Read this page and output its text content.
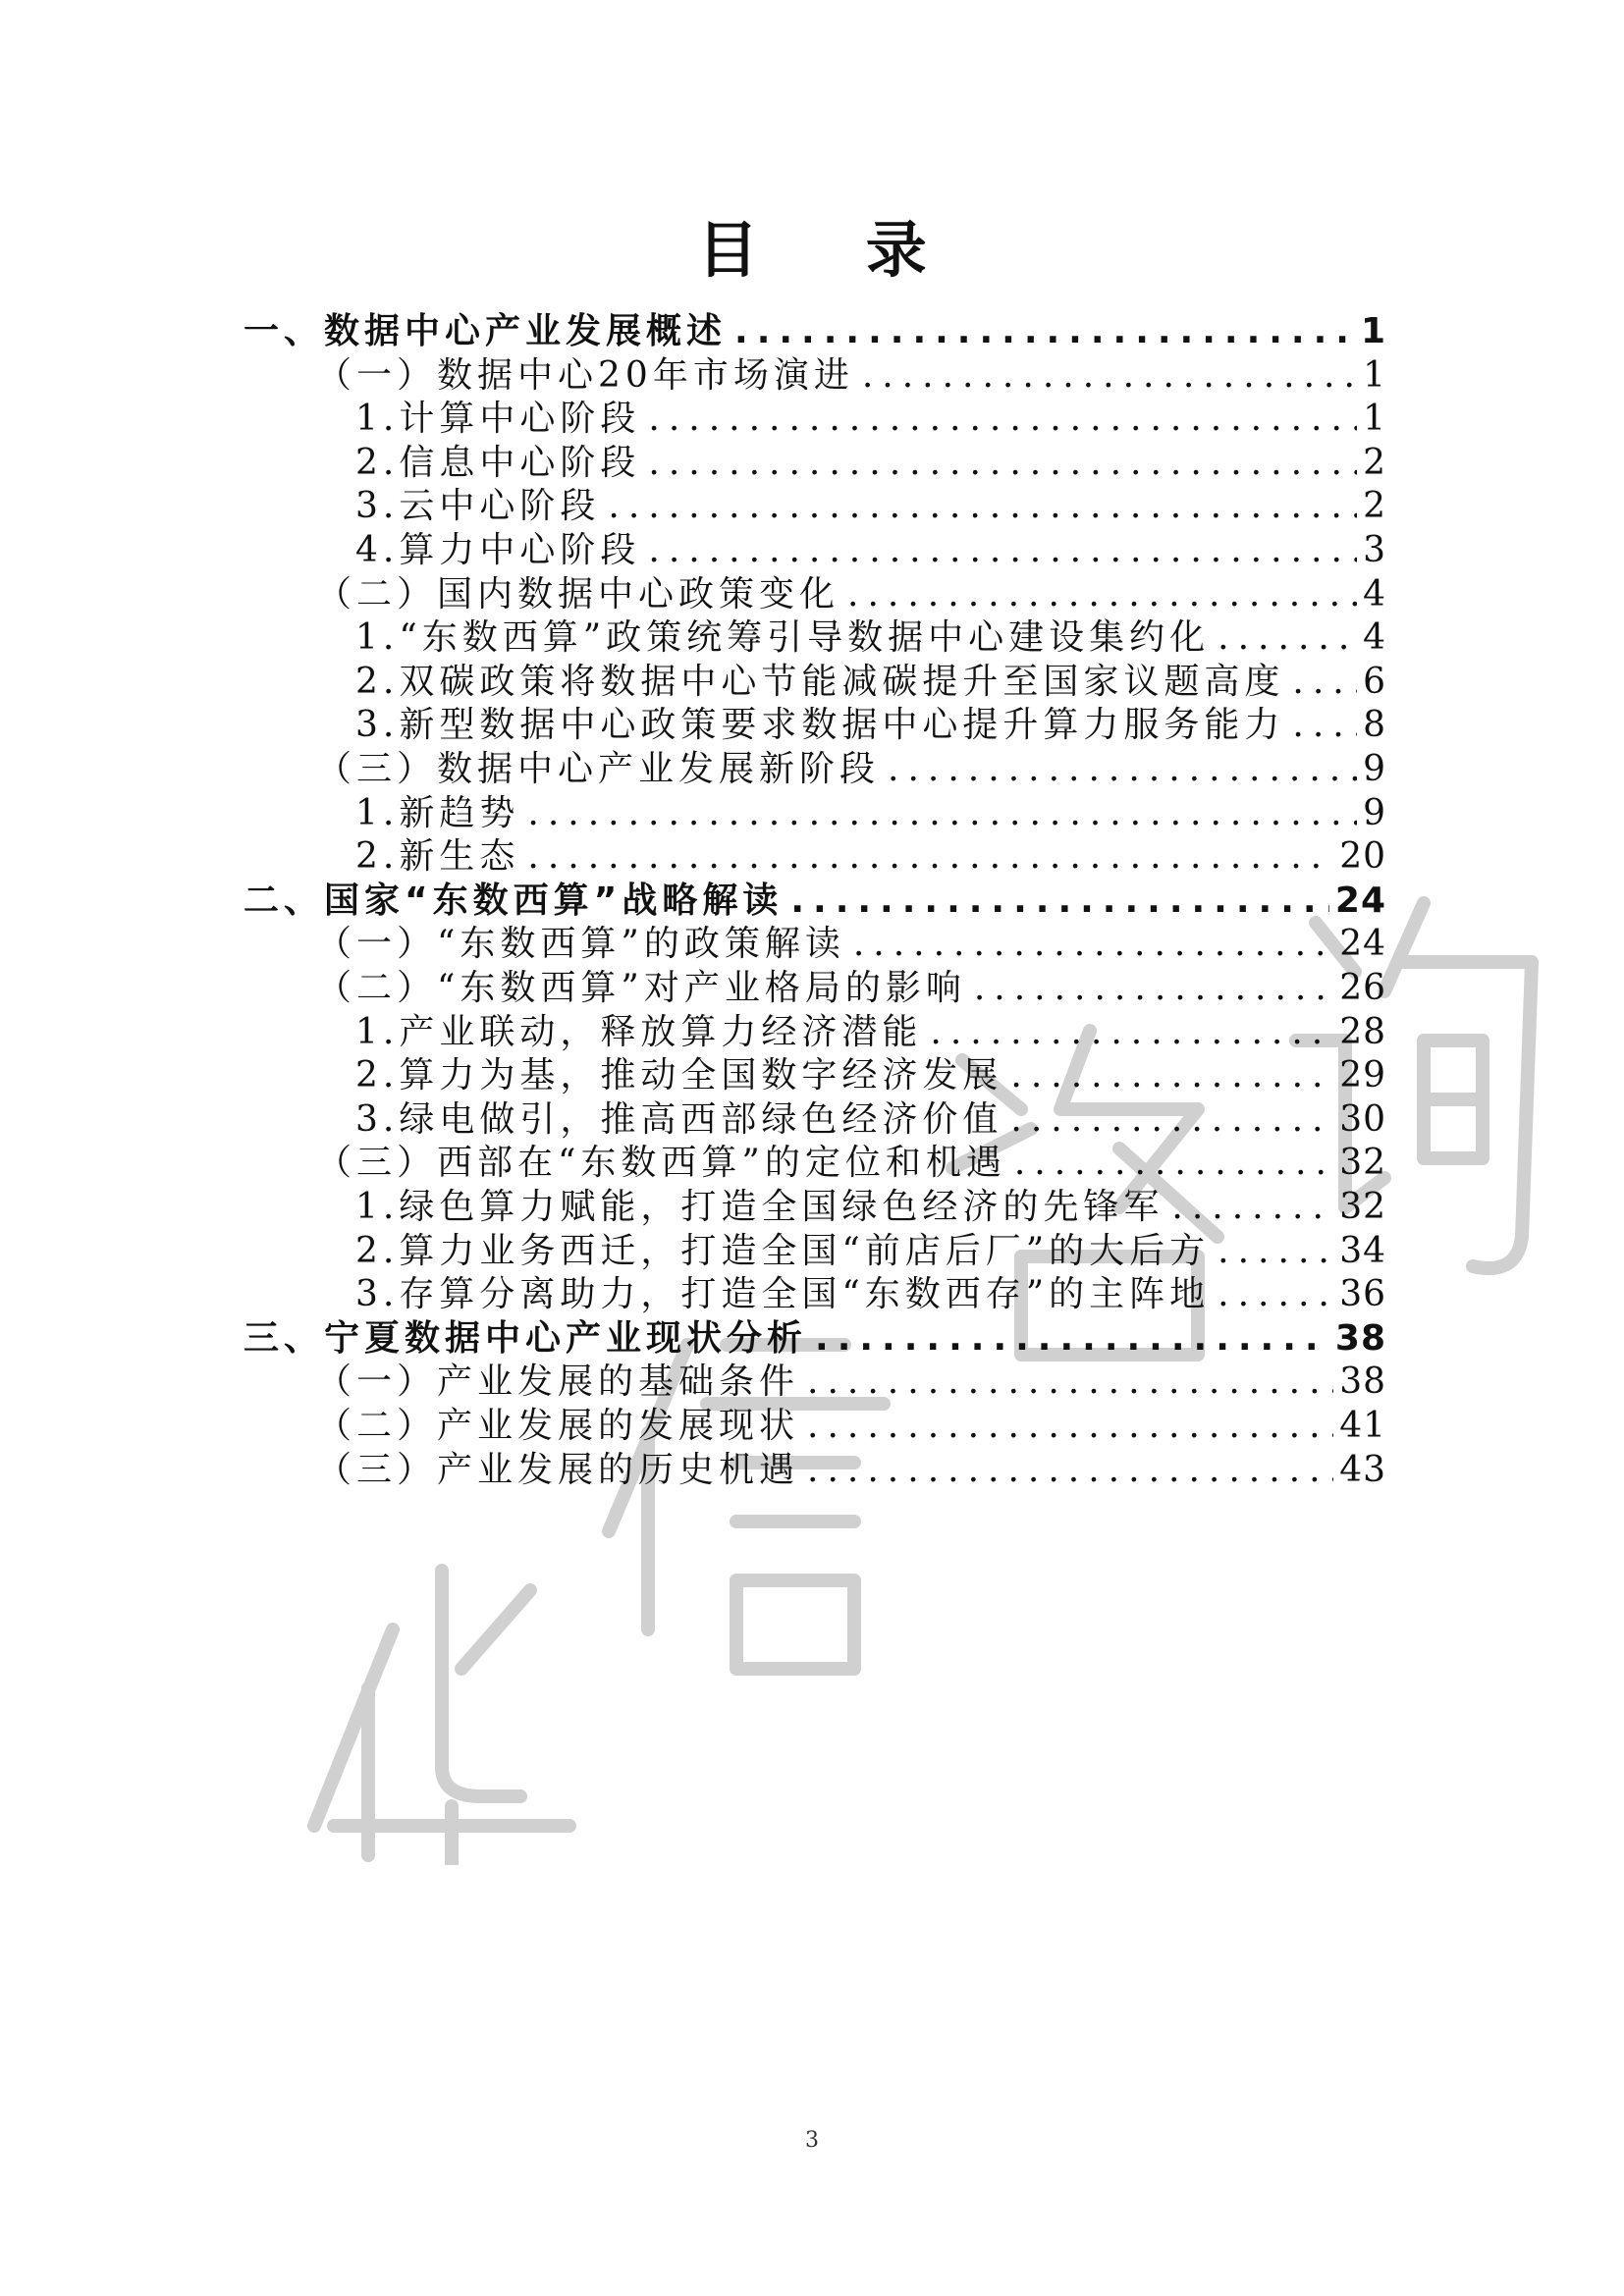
目 录
一、 数据中心产业发展概述 .....	1
（一） 数据中心20年市场演进 .....	1
1. 计算中心阶段 .....	1
2. 信息中心阶段 .....	2
3. 云中心阶段 .....	2
4. 算力中心阶段 .....	3
（二） 国内数据中心政策变化 .....	4
1. “东数西算”政策统筹引导数据中心建设集约化 .....	4
2. 双碳政策将数据中心节能减碳提升至国家议题高度 ..... 6
3. 新型数据中心政策要求数据中心提升算力服务能力 ..... 8
（三） 数据中心产业发展新阶段 .....	9
1. 新趋势 .....	9
2. 新生态 .....	20
二、 国家“东数西算”战略解读 .....	24
（一） “东数西算”的政策解读 .....	24
（二） “东数西算”对产业格局的影响 .....	26
1. 产业联动，释放算力经济潜能 .....	28
2. 算力为基，推动全国数字经济发展 .....	29
3. 绿电做引，推高西部绿色经济价值 .....	30
（三） 西部在“东数西算”的定位和机遇 .....	32
1. 绿色算力赋能，打造全国绿色经济的先锋军 .....	32
2. 算力业务西迁，打造全国“前店后厂”的大后方 .....	34
3. 存算分离助力，打造全国“东数西存”的主阵地 .....	36
三、 宁夏数据中心产业现状分析 .....	38
（一） 产业发展的基础条件 .....	38
（二） 产业发展的发展现状 .....	41
（三） 产业发展的历史机遇 .....	43
3
